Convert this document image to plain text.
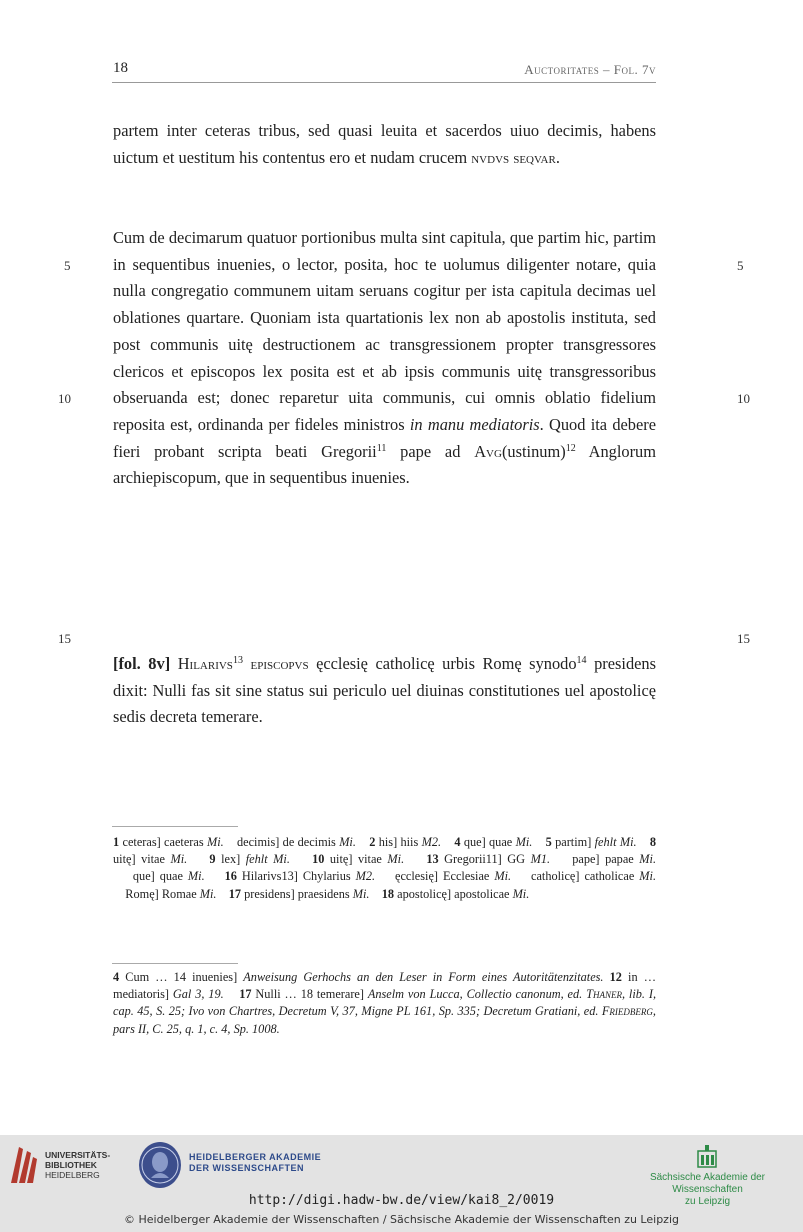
18	Auctoritates – Fol. 7v
partem inter ceteras tribus, sed quasi leuita et sacerdos uiuo decimis, habens uictum et uestitum his contentus ero et nudam crucem nvdvs seqvar.
Cum de decimarum quatuor portionibus multa sint capitula, que partim hic, partim in sequentibus inuenies, o lector, posita, hoc te uolumus diligenter notare, quia nulla congregatio communem uitam seruans cogitur per ista capitula decimas uel oblationes quartare. Quoniam ista quartationis lex non ab apostolis instituta, sed post communis uitę destructionem ac transgressionem propter transgressores clericos et episcopos lex posita est et ab ipsis communis uitę transgressoribus obseruanda est; donec reparetur uita communis, cui omnis oblatio fidelium reposita est, ordinanda per fideles ministros in manu mediatoris. Quod ita debere fieri probant scripta beati Gregorii$^{11}$ pape ad Avg(ustinum)$^{12}$ Anglorum archiepiscopum, que in sequentibus inuenies.
5	5
10	10
15	15
[fol. 8v] Hilarivs$^{13}$ episcopvs ęcclesię catholicę urbis Romę synodo$^{14}$ presidens dixit: Nulli fas sit sine status sui periculo uel diuinas constitutiones uel apostolicę sedis decreta temerare.
1 ceteras] caeteras Mi.    decimis] de decimis Mi. 2 his] hiis M2. 4 que] quae Mi. 5 partim] fehlt Mi. 8 uitę] vitae Mi. 9 lex] fehlt Mi. 10 uitę] vitae Mi. 13 Gregorii11] GG M1.    pape] papae Mi.    que] quae Mi. 16 Hilarivs13] Chylarius M2.    ęcclesię] Ecclesiae Mi.    catholicę] catholicae Mi.    Romę] Romae Mi. 17 presidens] praesidens Mi. 18 apostolicę] apostolicae Mi.
4 Cum … 14 inuenies] Anweisung Gerhochs an den Leser in Form eines Autoritätenzitates. 12 in … mediatoris] Gal 3, 19. 17 Nulli … 18 temerare] Anselm von Lucca, Collectio canonum, ed. Thaner, lib. I, cap. 45, S. 25; Ivo von Chartres, Decretum V, 37, Migne PL 161, Sp. 335; Decretum Gratiani, ed. Friedberg, pars II, C. 25, q. 1, c. 4, Sp. 1008.
UNIVERSITÄTS-
BIBLIOTHEK
HEIDELBERG
HEIDELBERGER AKADEMIE
DER WISSENSCHAFTEN
Sächsische Akademie der Wissenschaften
zu Leipzig
http://digi.hadw-bw.de/view/kai8_2/0019
© Heidelberger Akademie der Wissenschaften / Sächsische Akademie der Wissenschaften zu Leipzig
